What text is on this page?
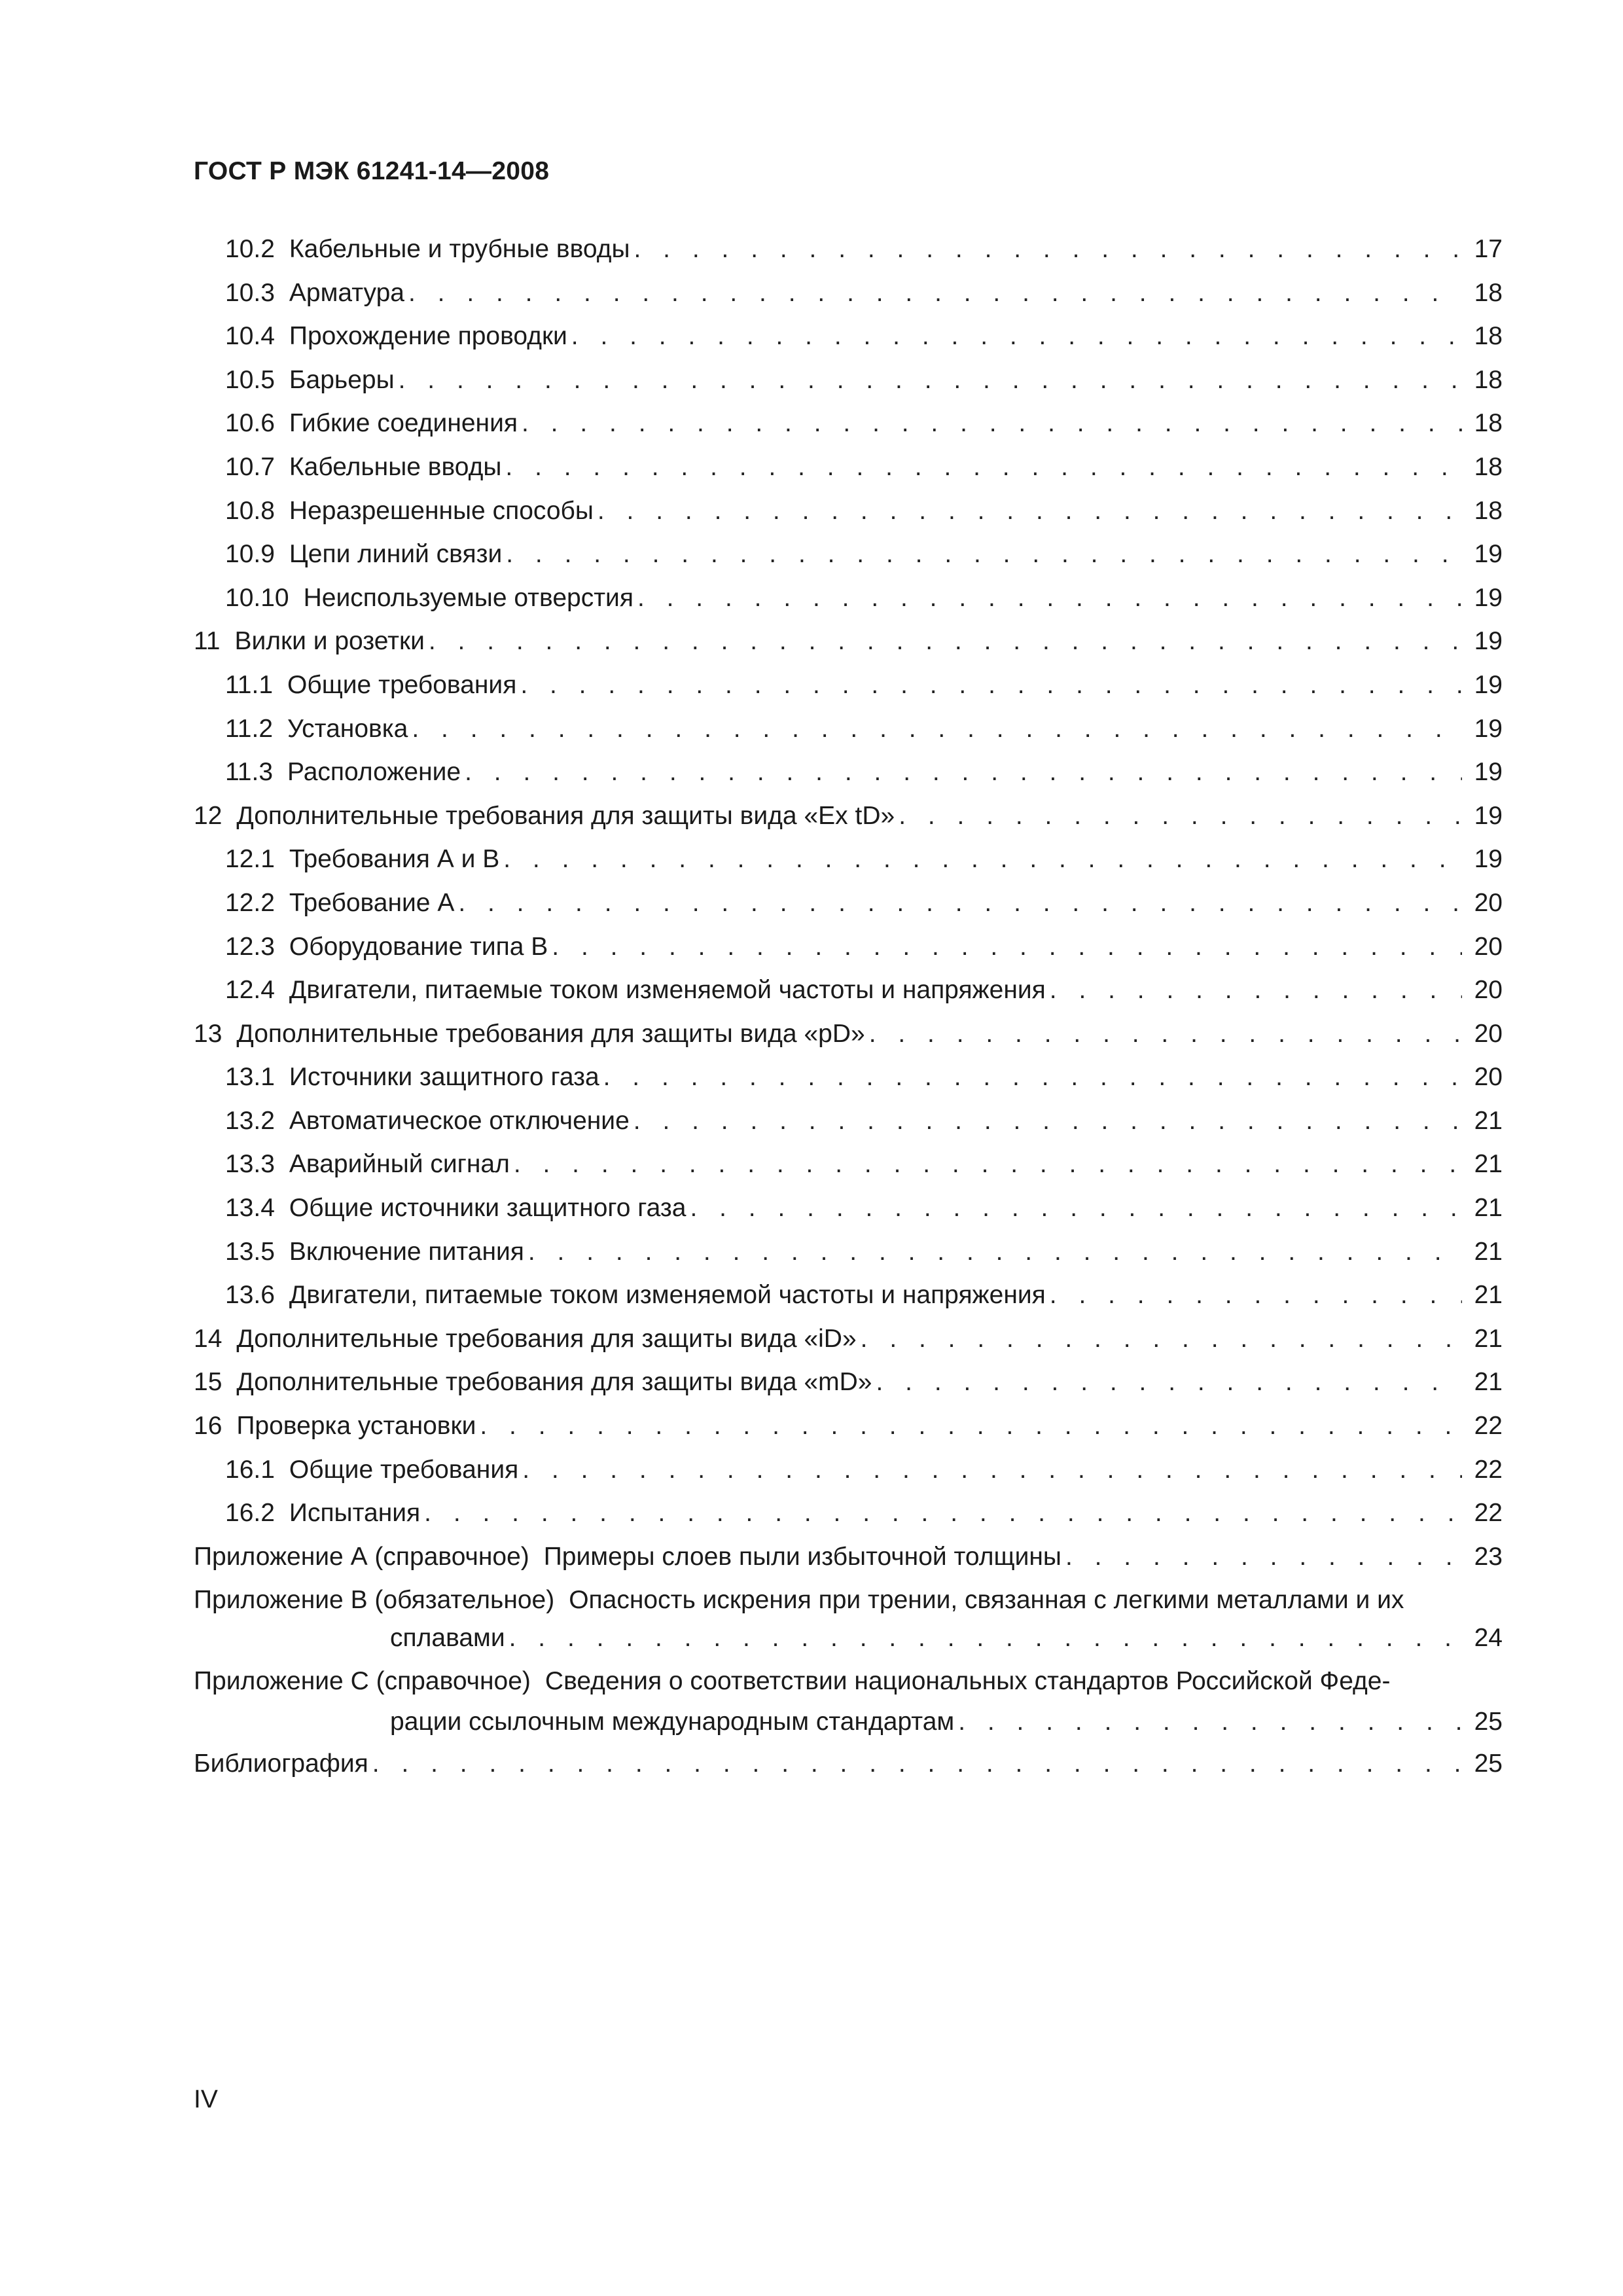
ГОСТ Р МЭК 61241-14—2008
10.2 Кабельные и трубные вводы . . .	17
10.3 Арматура . . .	18
10.4 Прохождение проводки . . .	18
10.5 Барьеры . . .	18
10.6 Гибкие соединения . . .	18
10.7 Кабельные вводы . . .	18
10.8 Неразрешенные способы . . .	18
10.9 Цепи линий связи . . .	19
10.10 Неиспользуемые отверстия . . .	19
11 Вилки и розетки . . .	19
11.1 Общие требования . . .	19
11.2 Установка . . .	19
11.3 Расположение . . .	19
12 Дополнительные требования для защиты вида «Ex tD» . . .	19
12.1 Требования А и В . . .	19
12.2 Требование А . . .	20
12.3 Оборудование типа В . . .	20
12.4 Двигатели, питаемые током изменяемой частоты и напряжения . . .	20
13 Дополнительные требования для защиты вида «pD» . . .	20
13.1 Источники защитного газа . . .	20
13.2 Автоматическое отключение . . .	21
13.3 Аварийный сигнал . . .	21
13.4 Общие источники защитного газа . . .	21
13.5 Включение питания . . .	21
13.6 Двигатели, питаемые током изменяемой частоты и напряжения . . .	21
14 Дополнительные требования для защиты вида «iD» . . .	21
15 Дополнительные требования для защиты вида «mD» . . .	21
16 Проверка установки . . .	22
16.1 Общие требования . . .	22
16.2 Испытания . . .	22
Приложение А (справочное) Примеры слоев пыли избыточной толщины . . .	23
Приложение В (обязательное) Опасность искрения при трении, связанная с легкими металлами и их
сплавами . . .	24
Приложение С (справочное) Сведения о соответствии национальных стандартов Российской Феде-
рации ссылочным международным стандартам . . .	25
Библиография . . .	25
IV
